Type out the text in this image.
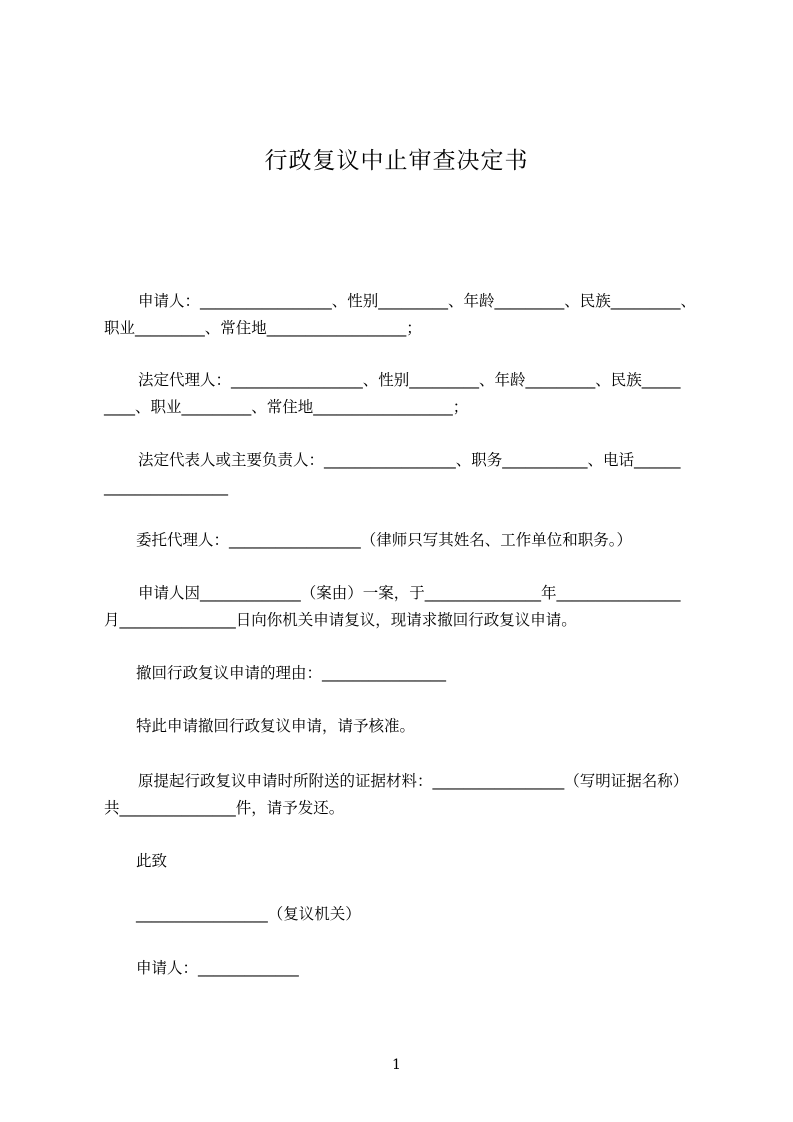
行政复议中止审查决定书
申请人：_________________、性别_________、年龄_________、民族_________、
职业_________、常住地__________________；
法定代理人：_________________、性别_________、年龄_________、民族_____
____、职业_________、常住地__________________；
法定代表人或主要负责人：_________________、职务___________、电话______
________________
委托代理人：_________________（律师只写其姓名、工作单位和职务。）
申请人因_____________（案由）一案，于_______________年________________
月_______________日向你机关申请复议，现请求撤回行政复议申请。
撤回行政复议申请的理由：________________
特此申请撤回行政复议申请，请予核准。
原提起行政复议申请时所附送的证据材料：_________________（写明证据名称）
共_______________件，请予发还。
此致
_________________（复议机关）
申请人：_____________
1
